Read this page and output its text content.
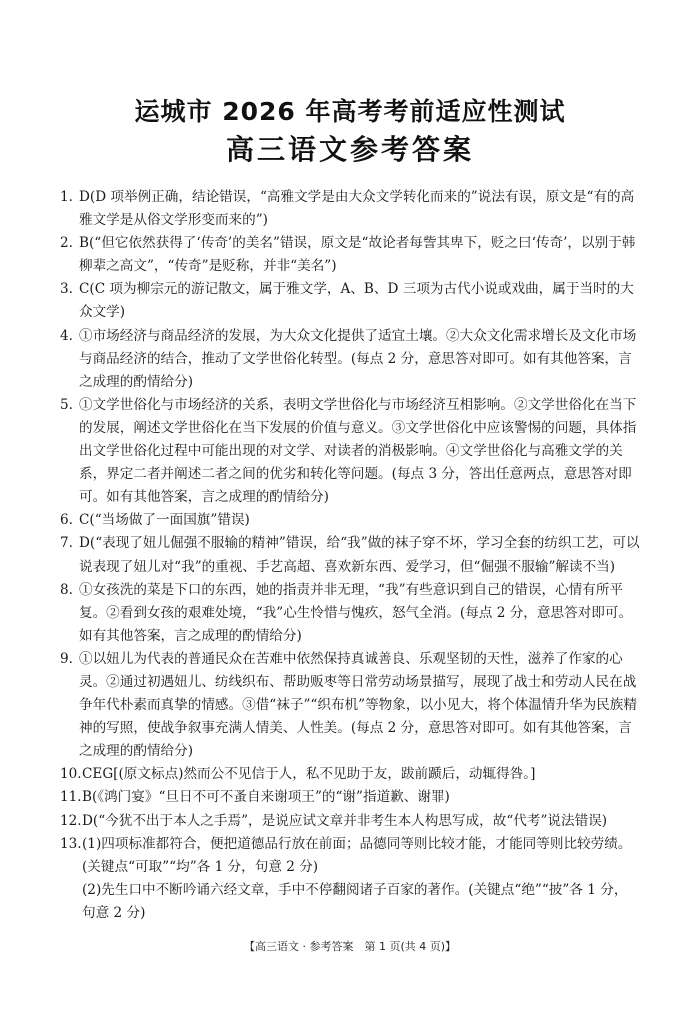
运城市 2026 年高考考前适应性测试
高三语文参考答案

1. D(D 项举例正确，结论错误，“高雅文学是由大众文学转化而来的”说法有误，原文是“有的高雅文学是从俗文学形变而来的”)

2. B(“但它依然获得了‘传奇’的美名”错误，原文是“故论者每訾其卑下，贬之曰‘传奇’，以别于韩柳辈之高文”，“传奇”是贬称，并非“美名”)

3. C(C 项为柳宗元的游记散文，属于雅文学，A、B、D 三项为古代小说或戏曲，属于当时的大众文学)

4. ①市场经济与商品经济的发展，为大众文化提供了适宜土壤。②大众文化需求增长及文化市场与商品经济的结合，推动了文学世俗化转型。(每点 2 分，意思答对即可。如有其他答案，言之成理的酌情给分)

5. ①文学世俗化与市场经济的关系，表明文学世俗化与市场经济互相影响。②文学世俗化在当下的发展，阐述文学世俗化在当下发展的价值与意义。③文学世俗化中应该警惕的问题，具体指出文学世俗化过程中可能出现的对文学、对读者的消极影响。④文学世俗化与高雅文学的关系，界定二者并阐述二者之间的优劣和转化等问题。(每点 3 分，答出任意两点，意思答对即可。如有其他答案，言之成理的酌情给分)

6. C(“当场做了一面国旗”错误)

7. D(“表现了妞儿倔强不服输的精神”错误，给“我”做的袜子穿不坏，学习全套的纺织工艺，可以说表现了妞儿对“我”的重视、手艺高超、喜欢新东西、爱学习，但“倔强不服输”解读不当)

8. ①女孩洗的菜是下口的东西，她的指责并非无理，“我”有些意识到自己的错误，心情有所平复。②看到女孩的艰难处境，“我”心生怜惜与愧疚，怒气全消。(每点 2 分，意思答对即可。如有其他答案，言之成理的酌情给分)

9. ①以妞儿为代表的普通民众在苦难中依然保持真诚善良、乐观坚韧的天性，滋养了作家的心灵。②通过初遇妞儿、纺线织布、帮助贩枣等日常劳动场景描写，展现了战士和劳动人民在战争年代朴素而真挚的情感。③借“袜子”“织布机”等物象，以小见大，将个体温情升华为民族精神的写照，使战争叙事充满人情美、人性美。(每点 2 分，意思答对即可。如有其他答案，言之成理的酌情给分)

10. CEG[(原文标点)然而公不见信于人，私不见助于友，跋前踬后，动辄得咎。]

11. B(《鸿门宴》“旦日不可不蚤自来谢项王”的“谢”指道歉、谢罪)

12. D(“今犹不出于本人之手焉”，是说应试文章并非考生本人构思写成，故“代考”说法错误)

13. (1)四项标准都符合，便把道德品行放在前面；品德同等则比较才能，才能同等则比较劳绩。(关键点“可取”“均”各 1 分，句意 2 分)

(2)先生口中不断吟诵六经文章，手中不停翻阅诸子百家的著作。(关键点“绝”“披”各 1 分，句意 2 分)

【高三语文 · 参考答案　第 1 页(共 4 页)】
